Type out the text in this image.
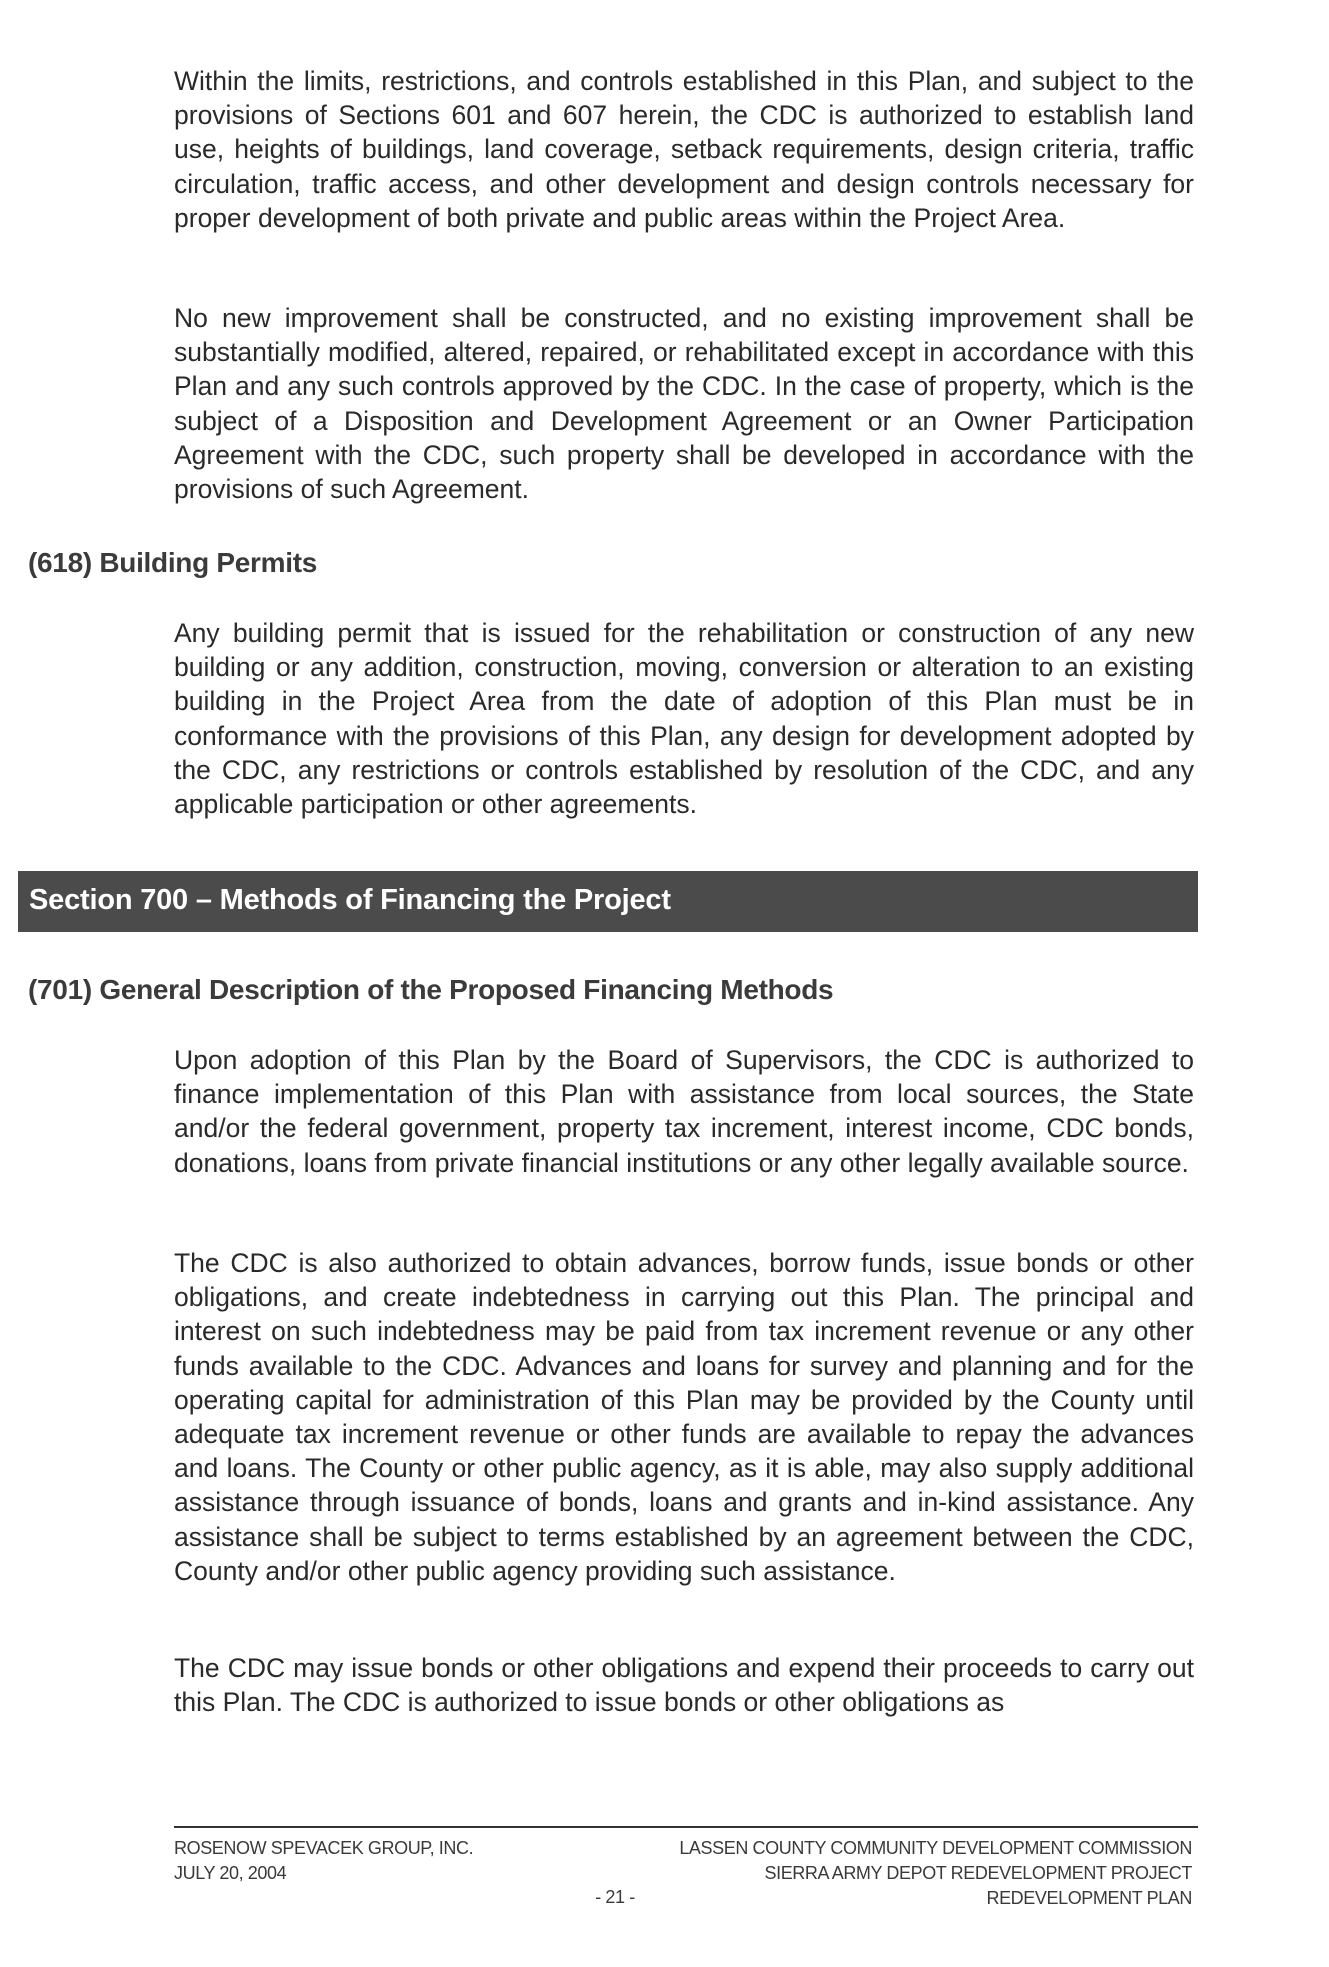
Within the limits, restrictions, and controls established in this Plan, and subject to the provisions of Sections 601 and 607 herein, the CDC is authorized to establish land use, heights of buildings, land coverage, setback requirements, design criteria, traffic circulation, traffic access, and other development and design controls necessary for proper development of both private and public areas within the Project Area.

No new improvement shall be constructed, and no existing improvement shall be substantially modified, altered, repaired, or rehabilitated except in accordance with this Plan and any such controls approved by the CDC. In the case of property, which is the subject of a Disposition and Development Agreement or an Owner Participation Agreement with the CDC, such property shall be developed in accordance with the provisions of such Agreement.

(618) Building Permits

Any building permit that is issued for the rehabilitation or construction of any new building or any addition, construction, moving, conversion or alteration to an existing building in the Project Area from the date of adoption of this Plan must be in conformance with the provisions of this Plan, any design for development adopted by the CDC, any restrictions or controls established by resolution of the CDC, and any applicable participation or other agreements.

Section 700 – Methods of Financing the Project
(701) General Description of the Proposed Financing Methods

Upon adoption of this Plan by the Board of Supervisors, the CDC is authorized to finance implementation of this Plan with assistance from local sources, the State and/or the federal government, property tax increment, interest income, CDC bonds, donations, loans from private financial institutions or any other legally available source.

The CDC is also authorized to obtain advances, borrow funds, issue bonds or other obligations, and create indebtedness in carrying out this Plan. The principal and interest on such indebtedness may be paid from tax increment revenue or any other funds available to the CDC. Advances and loans for survey and planning and for the operating capital for administration of this Plan may be provided by the County until adequate tax increment revenue or other funds are available to repay the advances and loans. The County or other public agency, as it is able, may also supply additional assistance through issuance of bonds, loans and grants and in-kind assistance. Any assistance shall be subject to terms established by an agreement between the CDC, County and/or other public agency providing such assistance.

The CDC may issue bonds or other obligations and expend their proceeds to carry out this Plan. The CDC is authorized to issue bonds or other obligations as

ROSENOW SPEVACEK GROUP, INC.
JULY 20, 2004
LASSEN COUNTY COMMUNITY DEVELOPMENT COMMISSION
SIERRA ARMY DEPOT REDEVELOPMENT PROJECT
REDEVELOPMENT PLAN
- 21 -
